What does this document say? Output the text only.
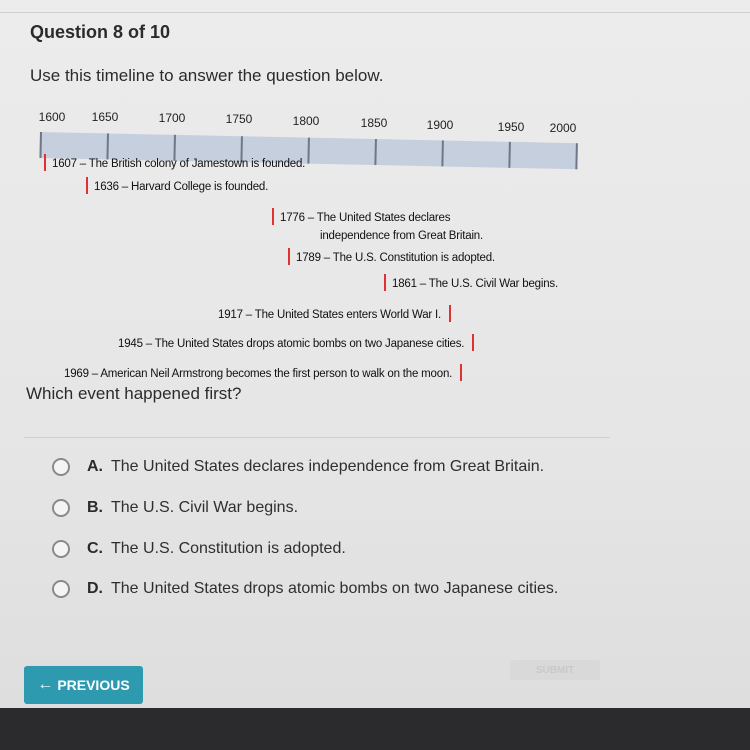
Question 8 of 10
Use this timeline to answer the question below.
1600 1650	1700	1750	1800	1850	1900	1950 2000
1607 – The British colony of Jamestown is founded.
1636 – Harvard College is founded.
1776 – The United States declares
independence from Great Britain.
1789 – The U.S. Constitution is adopted.
1861 – The U.S. Civil War begins.
1917 – The United States enters World War I.
1945 – The United States drops atomic bombs on two Japanese cities.
1969 – American Neil Armstrong becomes the first person to walk on the moon.
Which event happened first?
A. The United States declares independence from Great Britain.
B. The U.S. Civil War begins.
C. The U.S. Constitution is adopted.
D. The United States drops atomic bombs on two Japanese cities.
← PREVIOUS
SUBMIT
